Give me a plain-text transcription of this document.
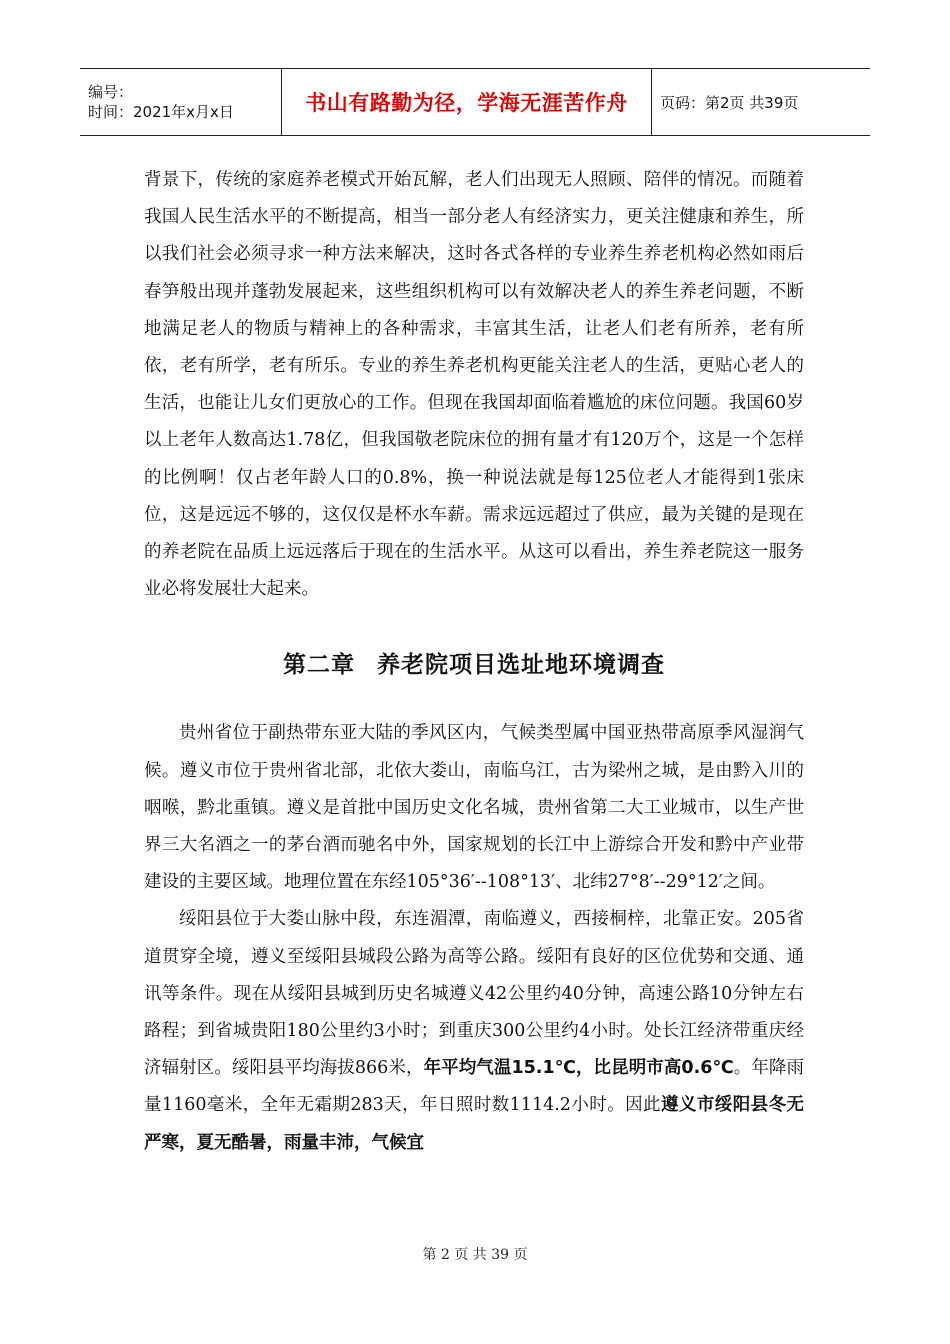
编号：
时间：2021年x月x日	书山有路勤为径，学海无涯苦作舟 页码：第2页 共39页

背景下，传统的家庭养老模式开始瓦解，老人们出现无人照顾、陪伴的情况。而随着我国人民生活水平的不断提高，相当一部分老人有经济实力，更关注健康和养生，所以我们社会必须寻求一种方法来解决，这时各式各样的专业养生养老机构必然如雨后春笋般出现并蓬勃发展起来，这些组织机构可以有效解决老人的养生养老问题，不断地满足老人的物质与精神上的各种需求，丰富其生活，让老人们老有所养，老有所依，老有所学，老有所乐。专业的养生养老机构更能关注老人的生活，更贴心老人的生活，也能让儿女们更放心的工作。但现在我国却面临着尴尬的床位问题。我国60岁以上老年人数高达1.78亿，但我国敬老院床位的拥有量才有120万个，这是一个怎样的比例啊！仅占老年龄人口的0.8%，换一种说法就是每125位老人才能得到1张床位，这是远远不够的，这仅仅是杯水车薪。需求远远超过了供应，最为关键的是现在的养老院在品质上远远落后于现在的生活水平。从这可以看出，养生养老院这一服务业必将发展壮大起来。

第二章 养老院项目选址地环境调查

贵州省位于副热带东亚大陆的季风区内，气候类型属中国亚热带高原季风湿润气候。遵义市位于贵州省北部，北依大娄山，南临乌江，古为梁州之城，是由黔入川的咽喉，黔北重镇。遵义是首批中国历史文化名城，贵州省第二大工业城市，以生产世界三大名酒之一的茅台酒而驰名中外，国家规划的长江中上游综合开发和黔中产业带建设的主要区域。地理位置在东经105°36′--108°13′、北纬27°8′--29°12′之间。

绥阳县位于大娄山脉中段，东连湄潭，南临遵义，西接桐梓，北靠正安。205省道贯穿全境，遵义至绥阳县城段公路为高等公路。绥阳有良好的区位优势和交通、通讯等条件。现在从绥阳县城到历史名城遵义42公里约40分钟，高速公路10分钟左右路程；到省城贵阳180公里约3小时；到重庆300公里约4小时。处长江经济带重庆经济辐射区。绥阳县平均海拔866米，年平均气温15.1℃，比昆明市高0.6℃。年降雨量1160毫米，全年无霜期283天，年日照时数1114.2小时。因此遵义市绥阳县冬无严寒，夏无酷暑，雨量丰沛，气候宜

第 2 页 共 39 页
